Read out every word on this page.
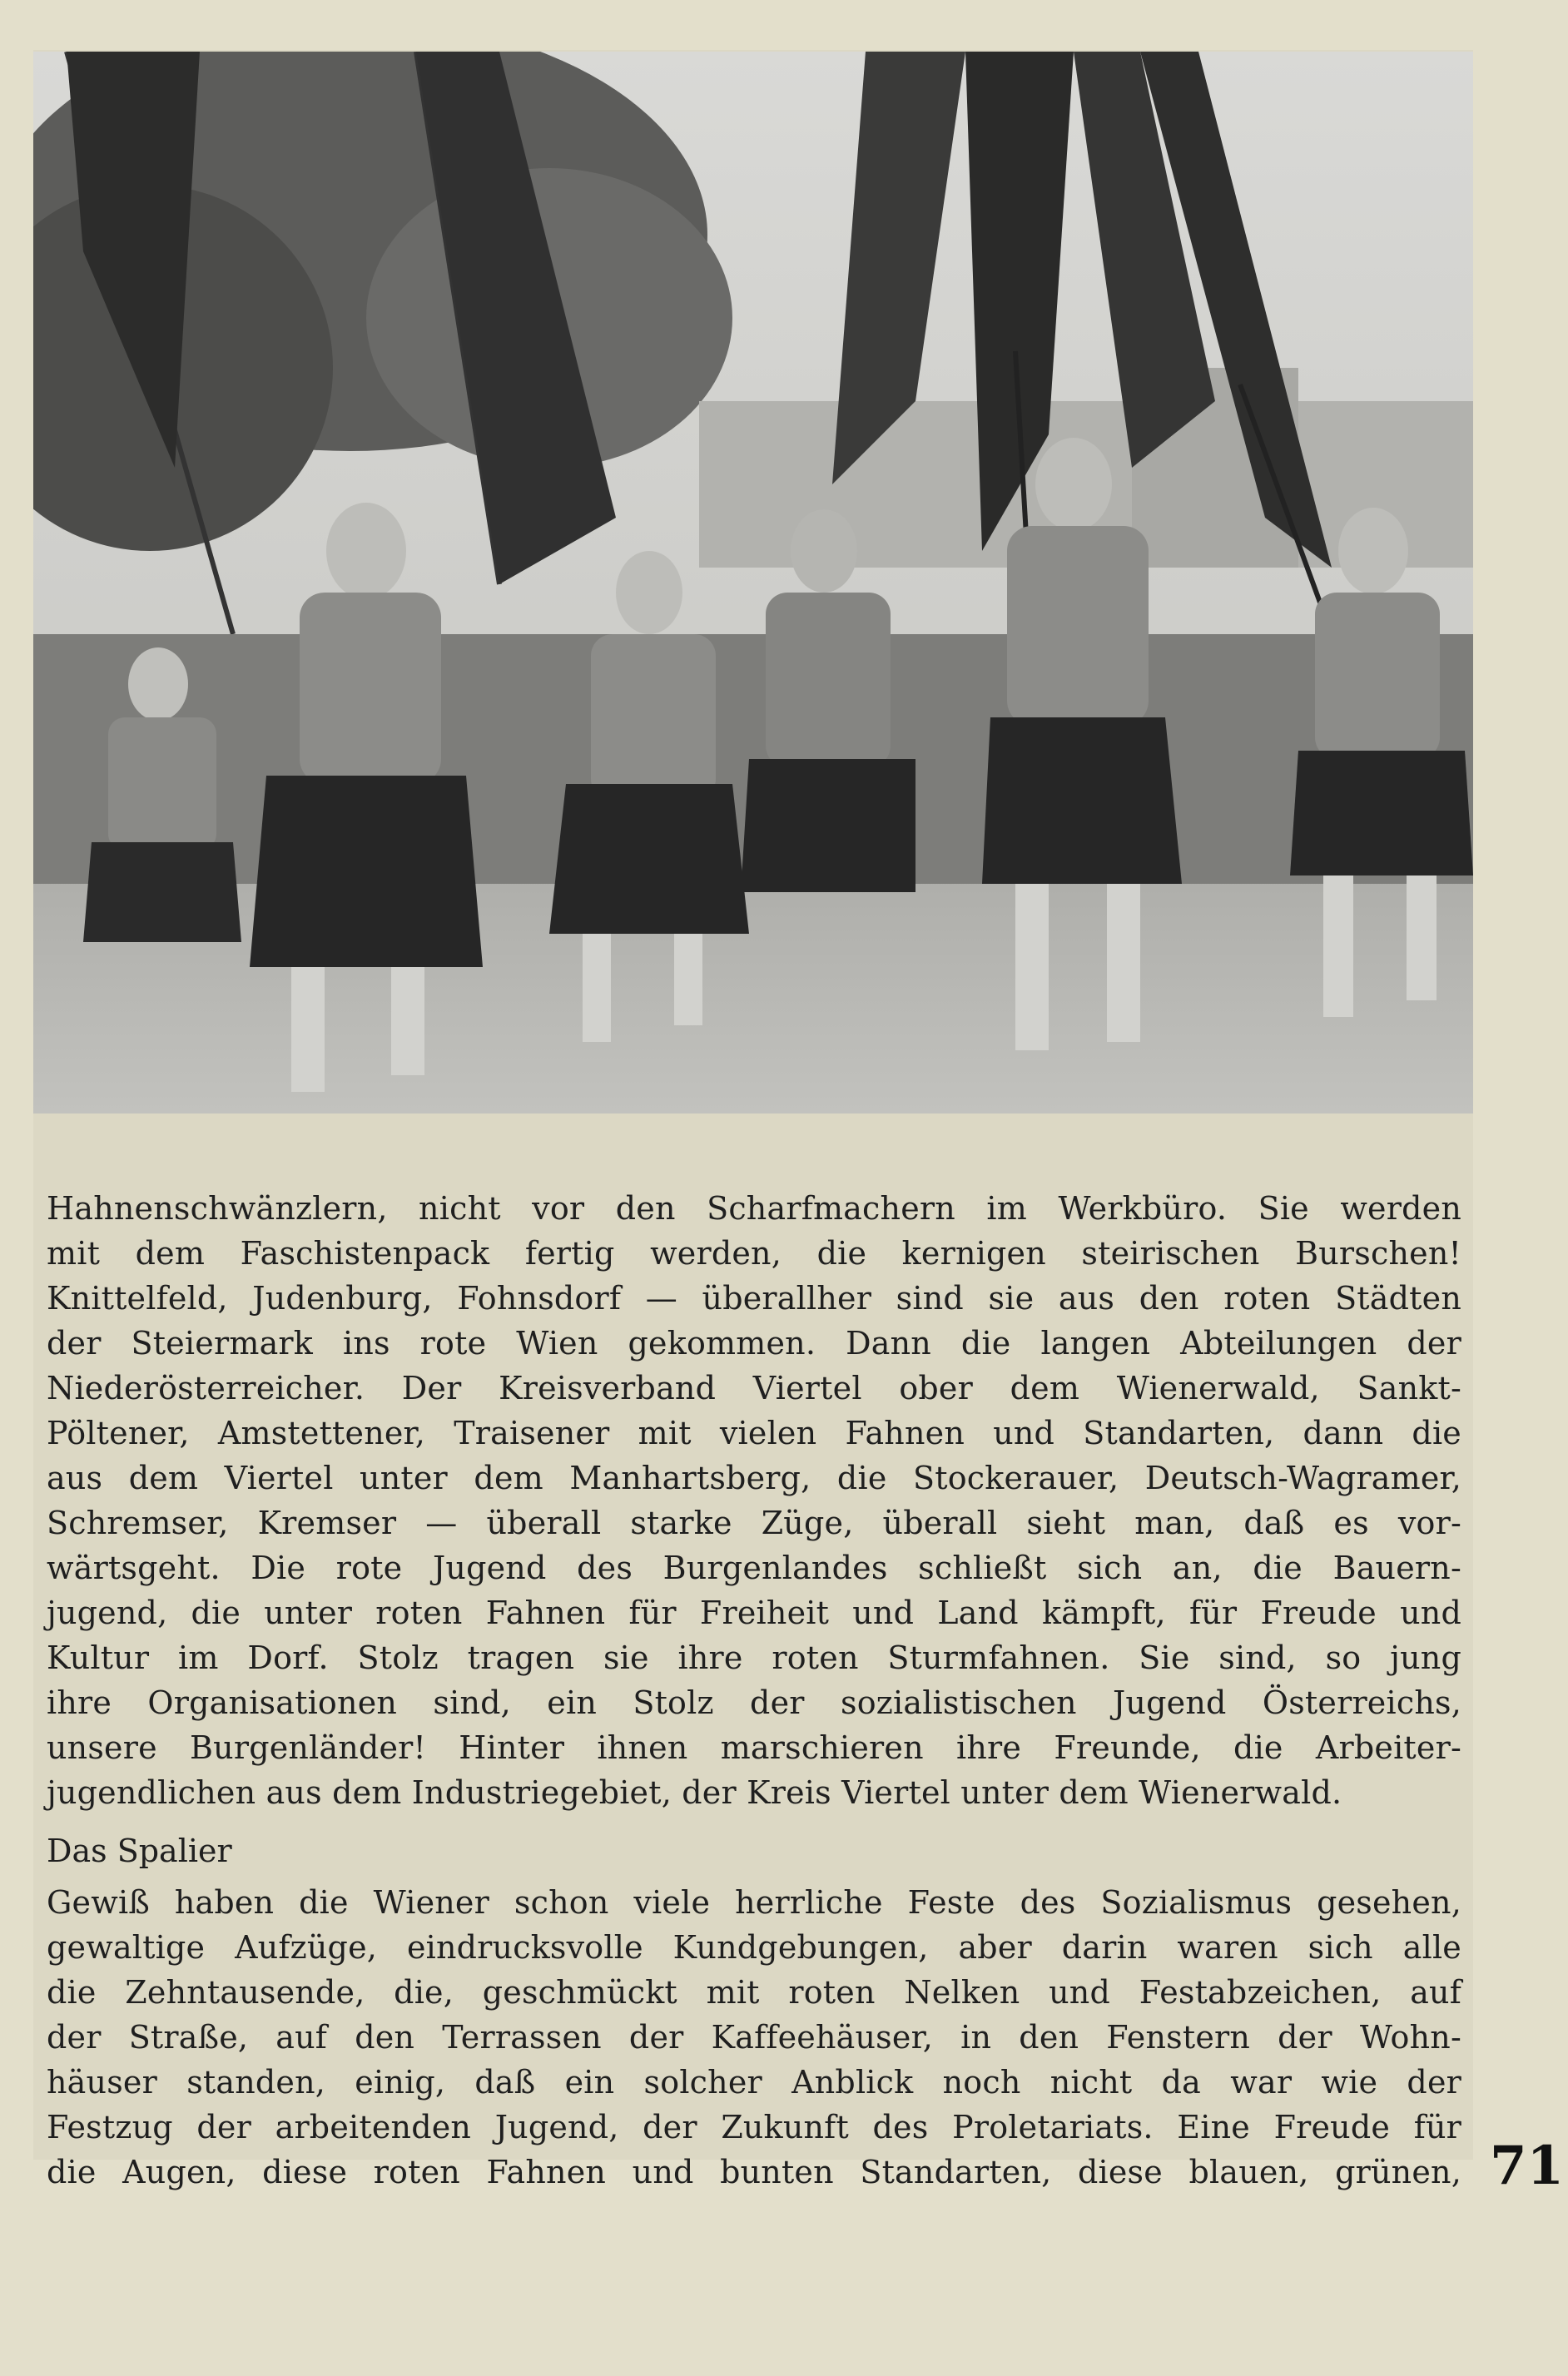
Hahnenschwänzlern, nicht vor den Scharfmachern im Werkbüro. Sie werden
mit dem Faschistenpack fertig werden, die kernigen steirischen Burschen!
Knittelfeld, Judenburg, Fohnsdorf — überallher sind sie aus den roten Städten
der Steiermark ins rote Wien gekommen. Dann die langen Abteilungen der
Niederösterreicher. Der Kreisverband Viertel ober dem Wienerwald, Sankt-
Pöltener, Amstettener, Traisener mit vielen Fahnen und Standarten, dann die
aus dem Viertel unter dem Manhartsberg, die Stockerauer, Deutsch-Wagramer,
Schremser, Kremser — überall starke Züge, überall sieht man, daß es vor-
wärtsgeht. Die rote Jugend des Burgenlandes schließt sich an, die Bauern-
jugend, die unter roten Fahnen für Freiheit und Land kämpft, für Freude und
Kultur im Dorf. Stolz tragen sie ihre roten Sturmfahnen. Sie sind, so jung
ihre Organisationen sind, ein Stolz der sozialistischen Jugend Österreichs,
unsere Burgenländer! Hinter ihnen marschieren ihre Freunde, die Arbeiter-
jugendlichen aus dem Industriegebiet, der Kreis Viertel unter dem Wienerwald.

Das Spalier

Gewiß haben die Wiener schon viele herrliche Feste des Sozialismus gesehen,
gewaltige Aufzüge, eindrucksvolle Kundgebungen, aber darin waren sich alle
die Zehntausende, die, geschmückt mit roten Nelken und Festabzeichen, auf
der Straße, auf den Terrassen der Kaffeehäuser, in den Fenstern der Wohn-
häuser standen, einig, daß ein solcher Anblick noch nicht da war wie der
Festzug der arbeitenden Jugend, der Zukunft des Proletariats. Eine Freude für
die Augen, diese roten Fahnen und bunten Standarten, diese blauen, grünen, 71
